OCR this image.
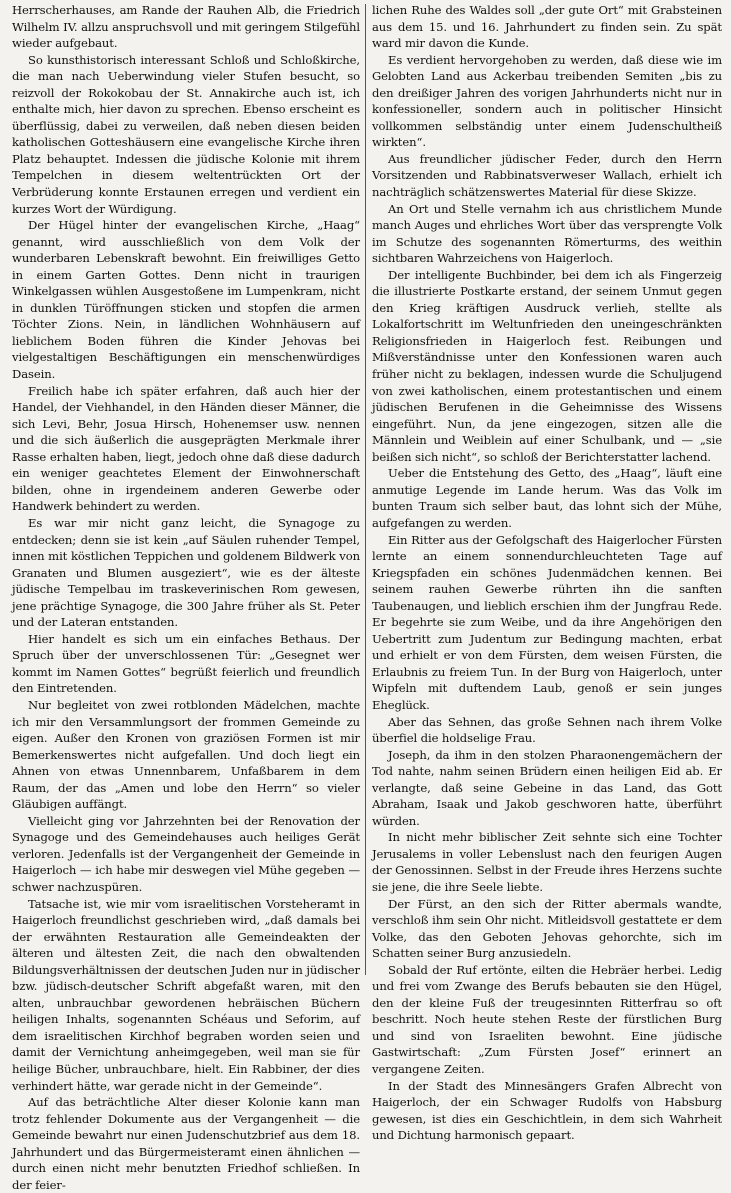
Herrscherhauses, am Rande der Rauhen Alb, die Friedrich Wilhelm IV. allzu anspruchsvoll und mit geringem Stilgefühl wieder aufgebaut.

So kunsthistorisch interessant Schloß und Schloßkirche, die man nach Ueberwindung vieler Stufen besucht, so reizvoll der Rokokobau der St. Annakirche auch ist, ich enthalte mich, hier davon zu sprechen. Ebenso erscheint es überflüssig, dabei zu verweilen, daß neben diesen beiden katholischen Gotteshäusern eine evangelische Kirche ihren Platz behauptet. Indessen die jüdische Kolonie mit ihrem Tempelchen in diesem weltentrückten Ort der Verbrüderung konnte Erstaunen erregen und verdient ein kurzes Wort der Würdigung.

Der Hügel hinter der evangelischen Kirche, „Haag“ genannt, wird ausschließlich von dem Volk der wunderbaren Lebenskraft bewohnt. Ein freiwilliges Getto in einem Garten Gottes. Denn nicht in traurigen Winkelgassen wühlen Ausgestoßene im Lumpenkram, nicht in dunklen Türöffnungen sticken und stopfen die armen Töchter Zions. Nein, in ländlichen Wohnhäusern auf lieblichem Boden führen die Kinder Jehovas bei vielgestaltigen Beschäftigungen ein menschenwürdiges Dasein.

Freilich habe ich später erfahren, daß auch hier der Handel, der Viehhandel, in den Händen dieser Männer, die sich Levi, Behr, Josua Hirsch, Hohenemser usw. nennen und die sich äußerlich die ausgeprägten Merkmale ihrer Rasse erhalten haben, liegt, jedoch ohne daß diese dadurch ein weniger geachtetes Element der Einwohnerschaft bilden, ohne in irgendeinem anderen Gewerbe oder Handwerk behindert zu werden.

Es war mir nicht ganz leicht, die Synagoge zu entdecken; denn sie ist kein „auf Säulen ruhender Tempel, innen mit köstlichen Teppichen und goldenem Bildwerk von Granaten und Blumen ausgeziert“, wie es der älteste jüdische Tempelbau im traskeverinischen Rom gewesen, jene prächtige Synagoge, die 300 Jahre früher als St. Peter und der Lateran entstanden.

Hier handelt es sich um ein einfaches Bethaus. Der Spruch über der unverschlossenen Tür: „Gesegnet wer kommt im Namen Gottes“ begrüßt feierlich und freundlich den Eintretenden.

Nur begleitet von zwei rotblonden Mädelchen, machte ich mir den Versammlungsort der frommen Gemeinde zu eigen. Außer den Kronen von graziösen Formen ist mir Bemerkenswertes nicht aufgefallen. Und doch liegt ein Ahnen von etwas Unnennbarem, Unfaßbarem in dem Raum, der das „Amen und lobe den Herrn“ so vieler Gläubigen auffängt.

Vielleicht ging vor Jahrzehnten bei der Renovation der Synagoge und des Gemeindehauses auch heiliges Gerät verloren. Jedenfalls ist der Vergangenheit der Gemeinde in Haigerloch — ich habe mir deswegen viel Mühe gegeben — schwer nachzuspüren.

Tatsache ist, wie mir vom israelitischen Vorsteheramt in Haigerloch freundlichst geschrieben wird, „daß damals bei der erwähnten Restauration alle Gemeindeakten der älteren und ältesten Zeit, die nach den obwaltenden Bildungsverhältnissen der deutschen Juden nur in jüdischer bzw. jüdisch-deutscher Schrift abgefaßt waren, mit den alten, unbrauchbar gewordenen hebräischen Büchern heiligen Inhalts, sogenannten Schéaus und Seforim, auf dem israelitischen Kirchhof begraben worden seien und damit der Vernichtung anheimgegeben, weil man sie für heilige Bücher, unbrauchbare, hielt. Ein Rabbiner, der dies verhindert hätte, war gerade nicht in der Gemeinde“.

Auf das beträchtliche Alter dieser Kolonie kann man trotz fehlender Dokumente aus der Vergangenheit — die Gemeinde bewahrt nur einen Judenschutzbrief aus dem 18. Jahrhundert und das Bürgermeisteramt einen ähnlichen — durch einen nicht mehr benutzten Friedhof schließen. In der feier-

lichen Ruhe des Waldes soll „der gute Ort“ mit Grabsteinen aus dem 15. und 16. Jahrhundert zu finden sein. Zu spät ward mir davon die Kunde.

Es verdient hervorgehoben zu werden, daß diese wie im Gelobten Land aus Ackerbau treibenden Semiten „bis zu den dreißiger Jahren des vorigen Jahrhunderts nicht nur in konfessioneller, sondern auch in politischer Hinsicht vollkommen selbständig unter einem Judenschultheiß wirkten“.

Aus freundlicher jüdischer Feder, durch den Herrn Vorsitzenden und Rabbinatsverweser Wallach, erhielt ich nachträglich schätzenswertes Material für diese Skizze.

An Ort und Stelle vernahm ich aus christlichem Munde manch Auges und ehrliches Wort über das versprengte Volk im Schutze des sogenannten Römerturms, des weithin sichtbaren Wahrzeichens von Haigerloch.

Der intelligente Buchbinder, bei dem ich als Fingerzeig die illustrierte Postkarte erstand, der seinem Unmut gegen den Krieg kräftigen Ausdruck verlieh, stellte als Lokalfortschritt im Weltunfrieden den uneingeschränkten Religionsfrieden in Haigerloch fest. Reibungen und Mißverständnisse unter den Konfessionen waren auch früher nicht zu beklagen, indessen wurde die Schuljugend von zwei katholischen, einem protestantischen und einem jüdischen Berufenen in die Geheimnisse des Wissens eingeführt. Nun, da jene eingezogen, sitzen alle die Männlein und Weiblein auf einer Schulbank, und — „sie beißen sich nicht“, so schloß der Berichterstatter lachend.

Ueber die Entstehung des Getto, des „Haag“, läuft eine anmutige Legende im Lande herum. Was das Volk im bunten Traum sich selber baut, das lohnt sich der Mühe, aufgefangen zu werden.

Ein Ritter aus der Gefolgschaft des Haigerlocher Fürsten lernte an einem sonnendurchleuchteten Tage auf Kriegspfaden ein schönes Judenmädchen kennen. Bei seinem rauhen Gewerbe rührten ihn die sanften Taubenaugen, und lieblich erschien ihm der Jungfrau Rede. Er begehrte sie zum Weibe, und da ihre Angehörigen den Uebertritt zum Judentum zur Bedingung machten, erbat und erhielt er von dem Fürsten, dem weisen Fürsten, die Erlaubnis zu freiem Tun. In der Burg von Haigerloch, unter Wipfeln mit duftendem Laub, genoß er sein junges Eheglück.

Aber das Sehnen, das große Sehnen nach ihrem Volke überfiel die holdselige Frau.

Joseph, da ihm in den stolzen Pharaonengemächern der Tod nahte, nahm seinen Brüdern einen heiligen Eid ab. Er verlangte, daß seine Gebeine in das Land, das Gott Abraham, Isaak und Jakob geschworen hatte, überführt würden.

In nicht mehr biblischer Zeit sehnte sich eine Tochter Jerusalems in voller Lebenslust nach den feurigen Augen der Genossinnen. Selbst in der Freude ihres Herzens suchte sie jene, die ihre Seele liebte.

Der Fürst, an den sich der Ritter abermals wandte, verschloß ihm sein Ohr nicht. Mitleidsvoll gestattete er dem Volke, das den Geboten Jehovas gehorchte, sich im Schatten seiner Burg anzusiedeln.

Sobald der Ruf ertönte, eilten die Hebräer herbei. Ledig und frei vom Zwange des Berufs bebauten sie den Hügel, den der kleine Fuß der treugesinnten Ritterfrau so oft beschritt. Noch heute stehen Reste der fürstlichen Burg und sind von Israeliten bewohnt. Eine jüdische Gastwirtschaft: „Zum Fürsten Josef“ erinnert an vergangene Zeiten.

In der Stadt des Minnesängers Grafen Albrecht von Haigerloch, der ein Schwager Rudolfs von Habsburg gewesen, ist dies ein Geschichtlein, in dem sich Wahrheit und Dichtung harmonisch gepaart.
